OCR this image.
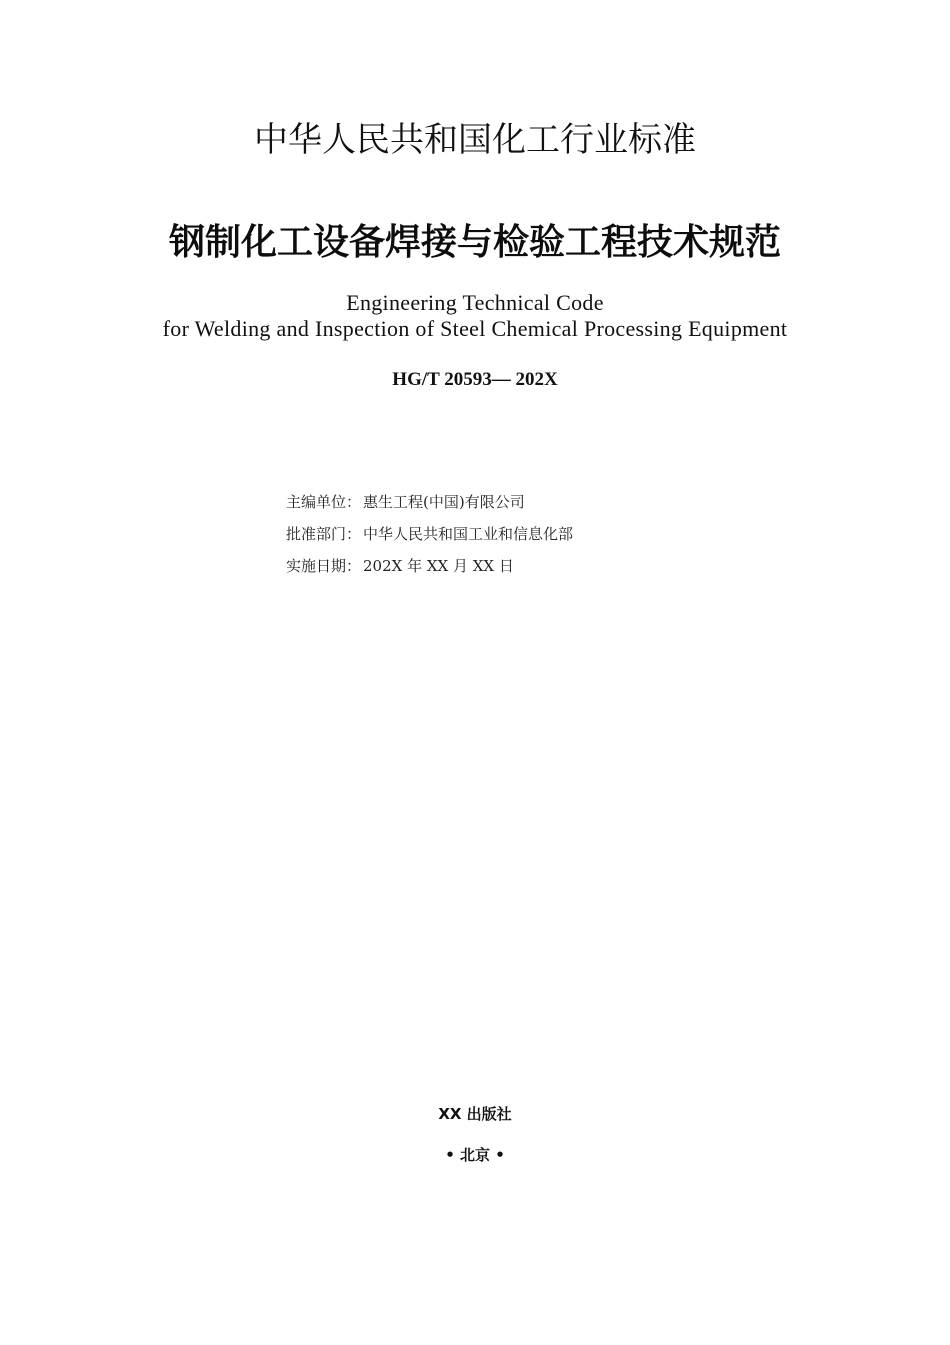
中华人民共和国化工行业标准
钢制化工设备焊接与检验工程技术规范
Engineering Technical Code
for Welding and Inspection of Steel Chemical Processing Equipment
HG/T 20593— 202X
主编单位： 惠生工程(中国)有限公司
批准部门： 中华人民共和国工业和信息化部
实施日期：202X 年 XX 月 XX 日
XX 出版社
• 北京 •
